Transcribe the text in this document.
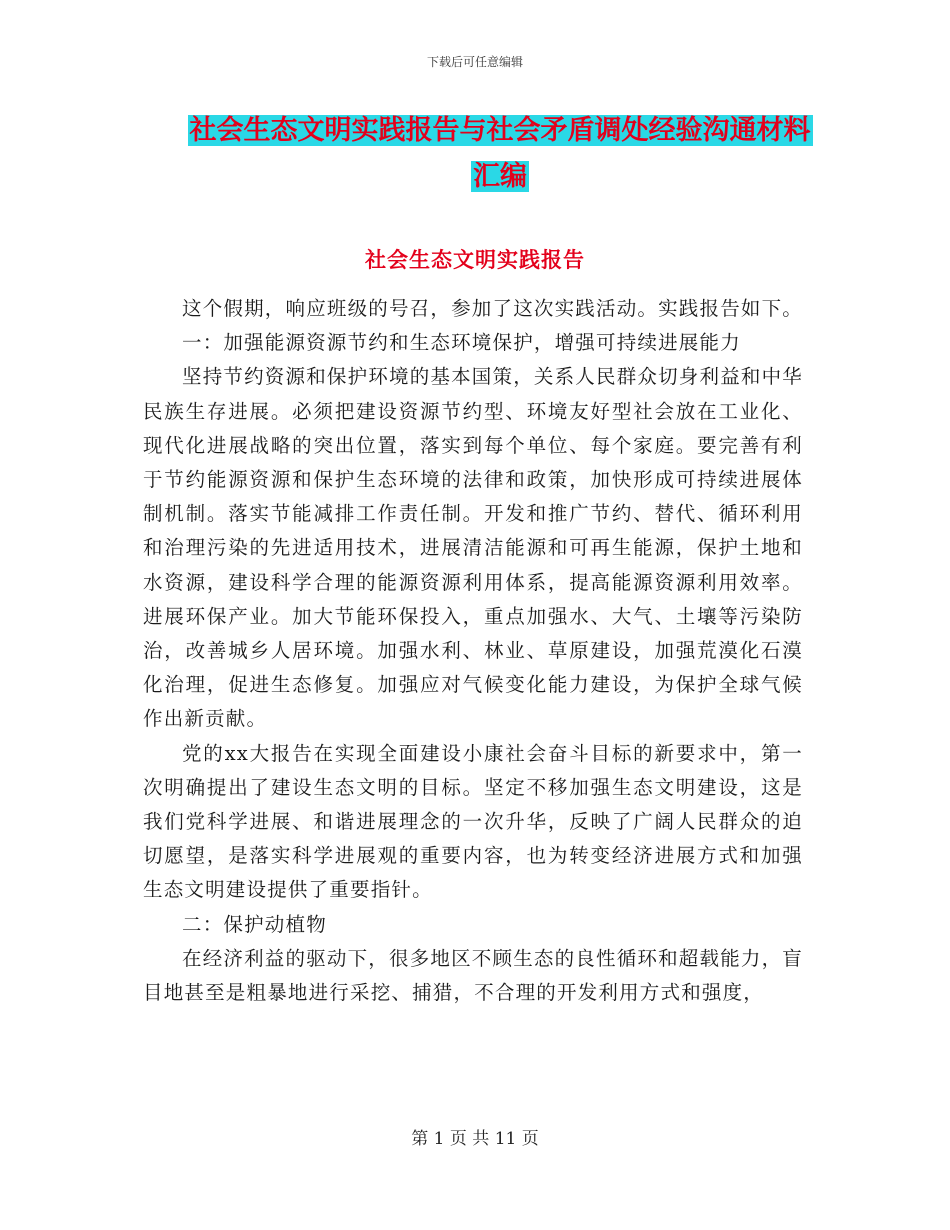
下载后可任意编辑
社会生态文明实践报告与社会矛盾调处经验沟通材料
汇编
社会生态文明实践报告

这个假期，响应班级的号召，参加了这次实践活动。实践报告如下。

一：加强能源资源节约和生态环境保护，增强可持续进展能力

坚持节约资源和保护环境的基本国策，关系人民群众切身利益和中华民族生存进展。必须把建设资源节约型、环境友好型社会放在工业化、现代化进展战略的突出位置，落实到每个单位、每个家庭。要完善有利于节约能源资源和保护生态环境的法律和政策，加快形成可持续进展体制机制。落实节能减排工作责任制。开发和推广节约、替代、循环利用和治理污染的先进适用技术，进展清洁能源和可再生能源，保护土地和水资源，建设科学合理的能源资源利用体系，提高能源资源利用效率。进展环保产业。加大节能环保投入，重点加强水、大气、土壤等污染防治，改善城乡人居环境。加强水利、林业、草原建设，加强荒漠化石漠化治理，促进生态修复。加强应对气候变化能力建设，为保护全球气候作出新贡献。

党的xx大报告在实现全面建设小康社会奋斗目标的新要求中，第一次明确提出了建设生态文明的目标。坚定不移加强生态文明建设，这是我们党科学进展、和谐进展理念的一次升华，反映了广阔人民群众的迫切愿望，是落实科学进展观的重要内容，也为转变经济进展方式和加强生态文明建设提供了重要指针。

二：保护动植物

在经济利益的驱动下，很多地区不顾生态的良性循环和超载能力，盲目地甚至是粗暴地进行采挖、捕猎，不合理的开发利用方式和强度，

第 1 页 共 11 页
